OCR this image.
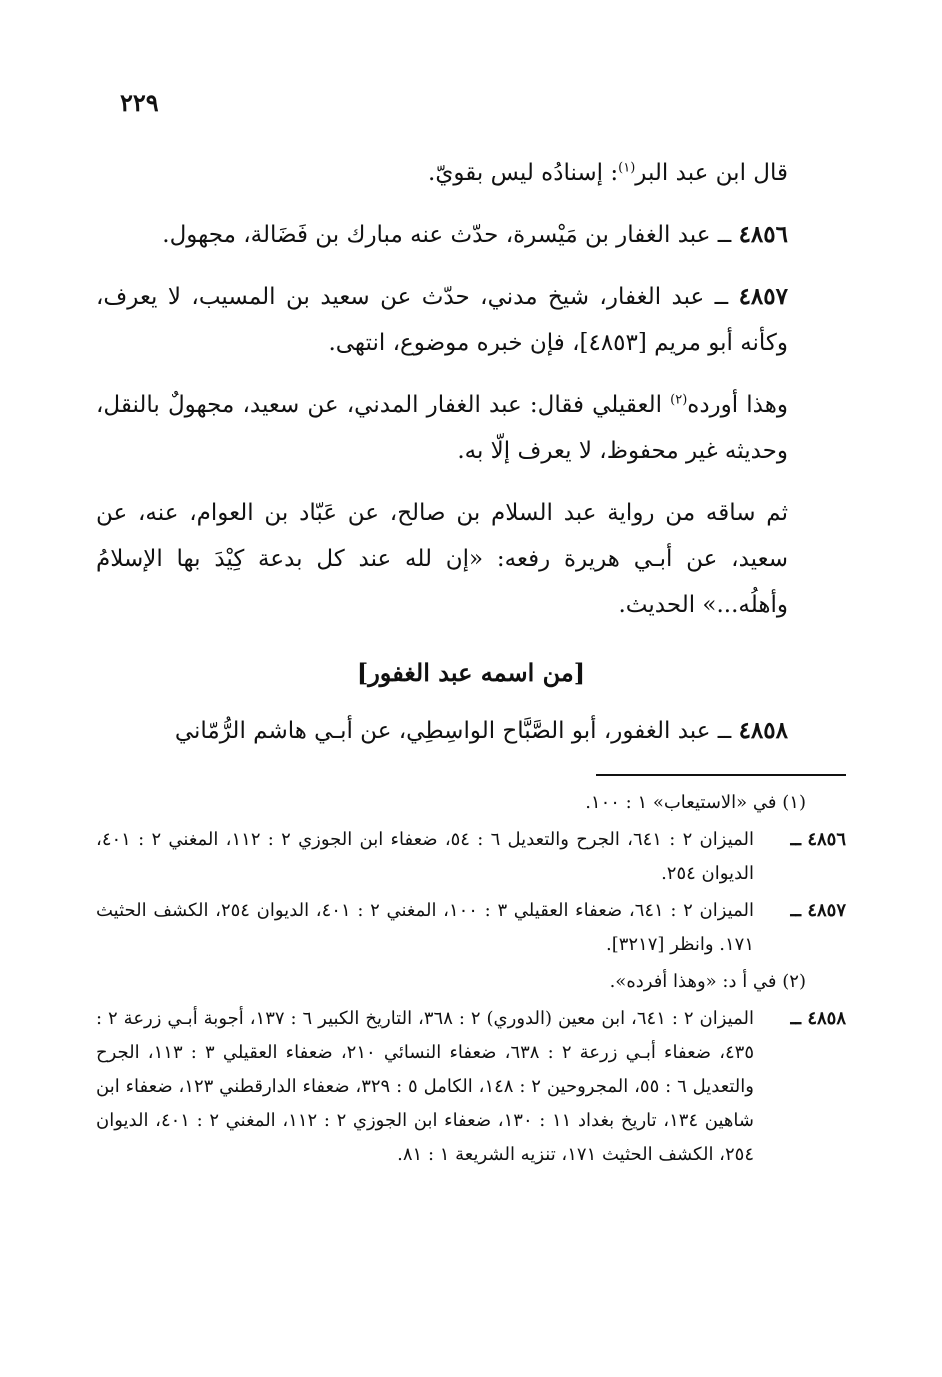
٢٢٩

قال ابن عبد البر$^{(١)}$: إسنادُه ليس بقويّ.

٤٨٥٦ ــ عبد الغفار بن مَيْسرة، حدّث عنه مبارك بن فَضَالة، مجهول.

٤٨٥٧ ــ عبد الغفار، شيخ مدني، حدّث عن سعيد بن المسيب، لا يعرف، وكأنه أبو مريم [٤٨٥٣]، فإن خبره موضوع، انتهى.

وهذا أورده$^{(٢)}$ العقيلي فقال: عبد الغفار المدني، عن سعيد، مجهولٌ بالنقل، وحديثه غير محفوظ، لا يعرف إلّا به.

ثم ساقه من رواية عبد السلام بن صالح، عن عَبّاد بن العوام، عنه، عن سعيد، عن أبـي هريرة رفعه: «إن لله عند كل بدعة كِيْدَ بها الإسلامُ وأهلُه...» الحديث.

[من اسمه عبد الغفور]

٤٨٥٨ ــ عبد الغفور، أبو الصَّبَّاح الواسِطِي، عن أبـي هاشم الرُّمّاني

(١) في «الاستيعاب» ١ : ١٠٠.
٤٨٥٦ ــ
الميزان ٢ : ٦٤١، الجرح والتعديل ٦ : ٥٤، ضعفاء ابن الجوزي ٢ : ١١٢، المغني ٢ : ٤٠١، الديوان ٢٥٤.
٤٨٥٧ ــ
الميزان ٢ : ٦٤١، ضعفاء العقيلي ٣ : ١٠٠، المغني ٢ : ٤٠١، الديوان ٢٥٤، الكشف الحثيث ١٧١. وانظر [٣٢١٧].
(٢) في أ د: «وهذا أفرده».
٤٨٥٨ ــ
الميزان ٢ : ٦٤١، ابن معين (الدوري) ٢ : ٣٦٨، التاريخ الكبير ٦ : ١٣٧، أجوبة أبـي زرعة ٢ : ٤٣٥، ضعفاء أبـي زرعة ٢ : ٦٣٨، ضعفاء النسائي ٢١٠، ضعفاء العقيلي ٣ : ١١٣، الجرح والتعديل ٦ : ٥٥، المجروحين ٢ : ١٤٨، الكامل ٥ : ٣٢٩، ضعفاء الدارقطني ١٢٣، ضعفاء ابن شاهين ١٣٤، تاريخ بغداد ١١ : ١٣٠، ضعفاء ابن الجوزي ٢ : ١١٢، المغني ٢ : ٤٠١، الديوان ٢٥٤، الكشف الحثيث ١٧١، تنزيه الشريعة ١ : ٨١.
